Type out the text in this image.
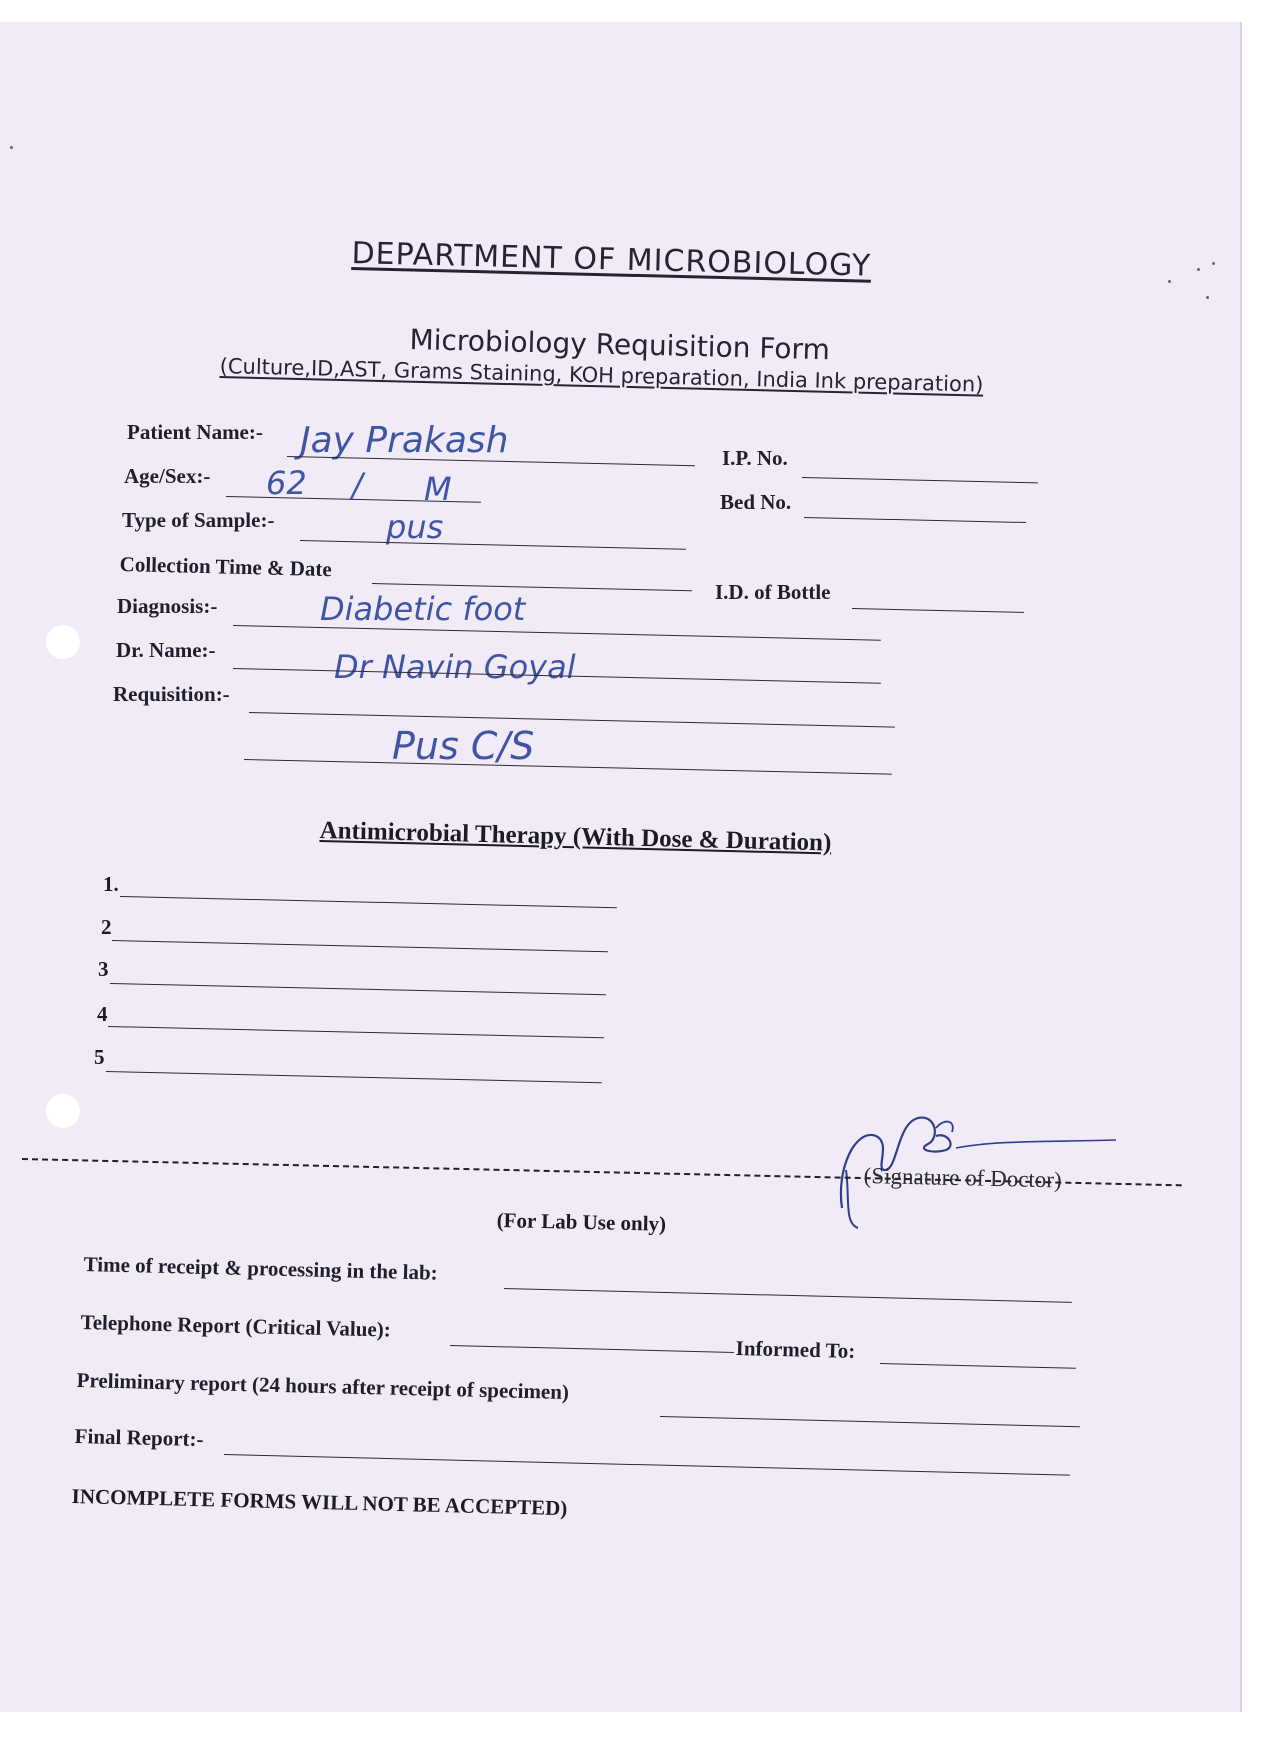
DEPARTMENT OF MICROBIOLOGY
Microbiology Requisition Form
(Culture,ID,AST, Grams Staining, KOH preparation, India Ink preparation)
Patient Name:- Jay Prakash
Age/Sex:- 62 / M
Type of Sample:-	pus
Collection Time & Date
Diagnosis:-	Diabetic foot
Dr. Name:-	Dr Navin Goyal
Requisition:-
Pus C/S
I.P. No.
Bed No.
I.D. of Bottle
Antimicrobial Therapy (With Dose & Duration)
1.
2
3
4
5
(Signature of Doctor)
(For Lab Use only)
Time of receipt & processing in the lab:
Telephone Report (Critical Value):
Informed To:
Preliminary report (24 hours after receipt of specimen)
Final Report:-
INCOMPLETE FORMS WILL NOT BE ACCEPTED)
